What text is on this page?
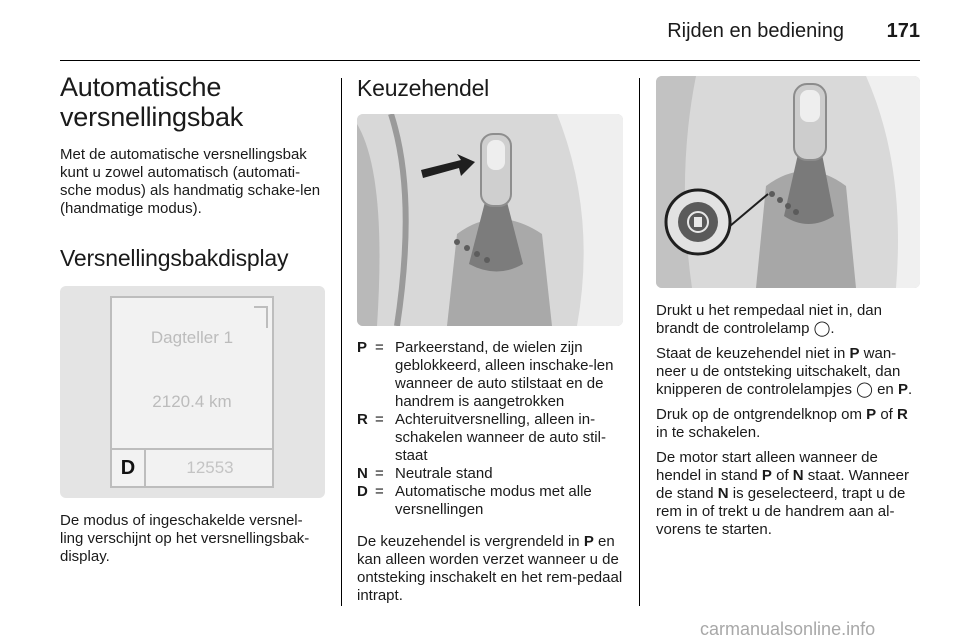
Rijden en bediening 171
Automatische versnellingsbak
Met de automatische versnellingsbak kunt u zowel automatisch (automati-sche modus) als handmatig schake-len (handmatige modus).
Versnellingsbakdisplay
Dagteller 1
2120.4 km
D	12553
De modus of ingeschakelde versnel-ling verschijnt op het versnellingsbak-display.
Keuzehendel
P = Parkeerstand, de wielen zijn geblokkeerd, alleen inschake-len wanneer de auto stilstaat en de handrem is aangetrokken
R = Achteruitversnelling, alleen in-schakelen wanneer de auto stil-staat
N = Neutrale stand
D = Automatische modus met alle versnellingen
De keuzehendel is vergrendeld in P en kan alleen worden verzet wanneer u de ontsteking inschakelt en het rem-pedaal intrapt.
Drukt u het rempedaal niet in, dan brandt de controlelamp ◯.
Staat de keuzehendel niet in P wan-neer u de ontsteking uitschakelt, dan knipperen de controlelampjes ◯ en P.
Druk op de ontgrendelknop om P of R in te schakelen.
De motor start alleen wanneer de hendel in stand P of N staat. Wanneer de stand N is geselecteerd, trapt u de rem in of trekt u de handrem aan al-vorens te starten.
carmanualsonline.info
